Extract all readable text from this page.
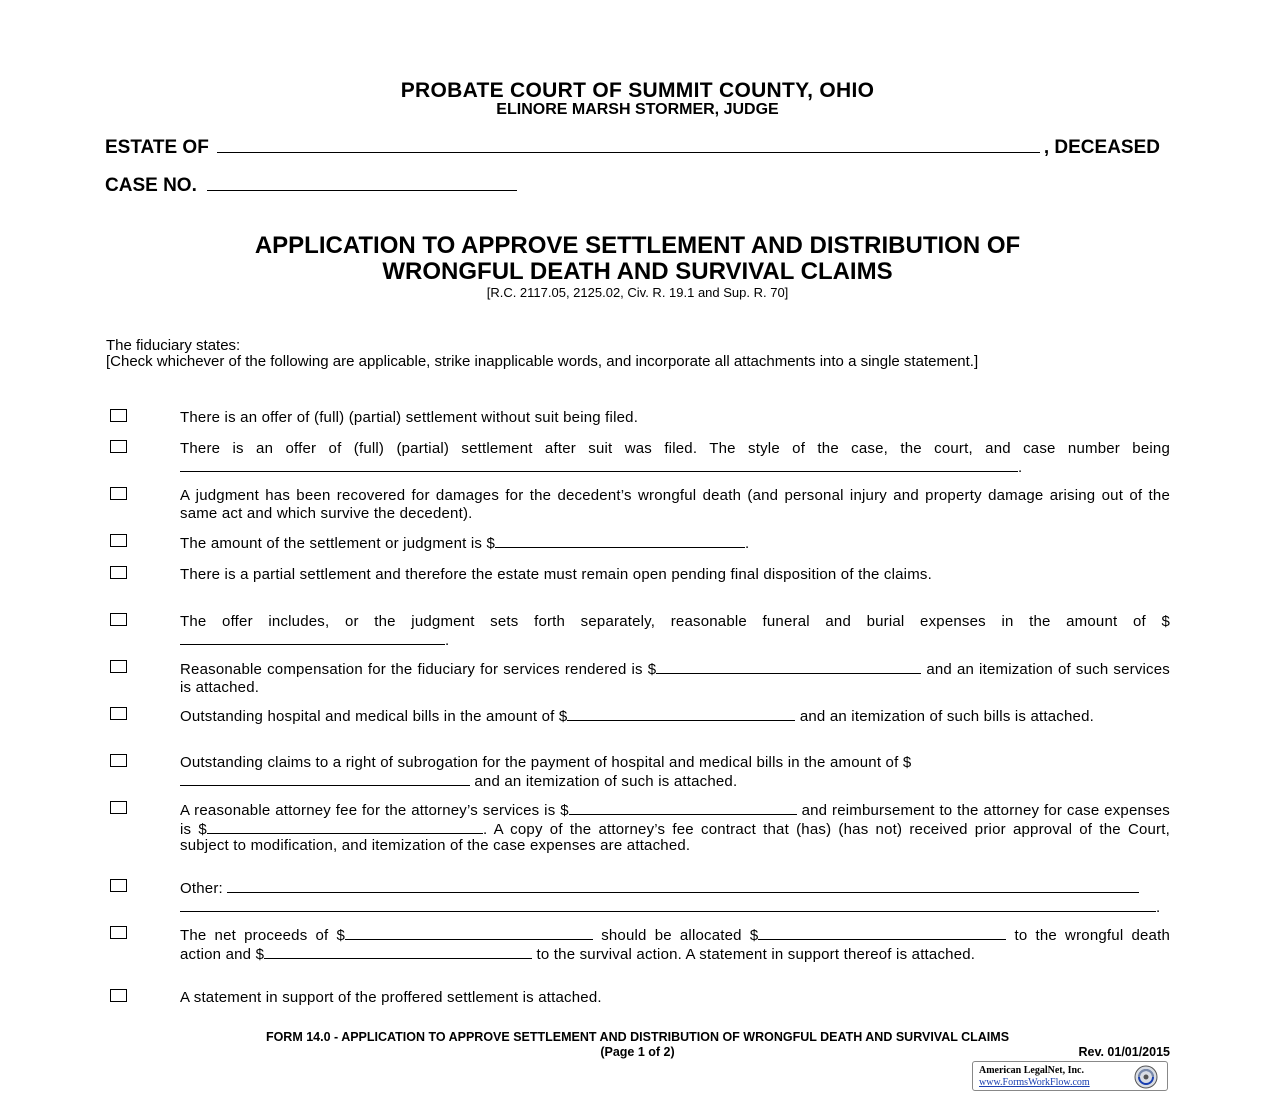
PROBATE COURT OF SUMMIT COUNTY, OHIO
ELINORE MARSH STORMER, JUDGE
ESTATE OF	, DECEASED
CASE NO.
APPLICATION TO APPROVE SETTLEMENT AND DISTRIBUTION OF
WRONGFUL DEATH AND SURVIVAL CLAIMS
[R.C. 2117.05, 2125.02, Civ. R. 19.1 and Sup. R. 70]

The fiduciary states:

[Check whichever of the following are applicable, strike inapplicable words, and incorporate all attachments into a single statement.]

There is an offer of (full) (partial) settlement without suit being filed.
There is an offer of (full) (partial) settlement after suit was filed. The style of the case, the court, and case number being .
A judgment has been recovered for damages for the decedent’s wrongful death (and personal injury and property damage arising out of the same act and which survive the decedent).
The amount of the settlement or judgment is $	.
There is a partial settlement and therefore the estate must remain open pending final disposition of the claims.
The offer includes, or the judgment sets forth separately, reasonable funeral and burial expenses in the amount of $.
Reasonable compensation for the fiduciary for services rendered is $	and an itemization of such services is attached.
Outstanding hospital and medical bills in the amount of $	and an itemization of such bills is attached.
Outstanding claims to a right of subrogation for the payment of hospital and medical bills in the amount of $ and an itemization of such is attached.
A reasonable attorney fee for the attorney’s services is $	and reimbursement to the attorney for case expenses is $	. A copy of the attorney’s fee contract that (has) (has not) received prior approval of the Court, subject to modification, and itemization of the case expenses are attached.
Other:
.
The net proceeds of $	should be allocated $	to the wrongful death action and $	to the survival action. A statement in support thereof is attached.
A statement in support of the proffered settlement is attached.
FORM 14.0 - APPLICATION TO APPROVE SETTLEMENT AND DISTRIBUTION OF WRONGFUL DEATH AND SURVIVAL CLAIMS
(Page 1 of 2)	Rev. 01/01/2015
American LegalNet, Inc.
www.FormsWorkFlow.com
